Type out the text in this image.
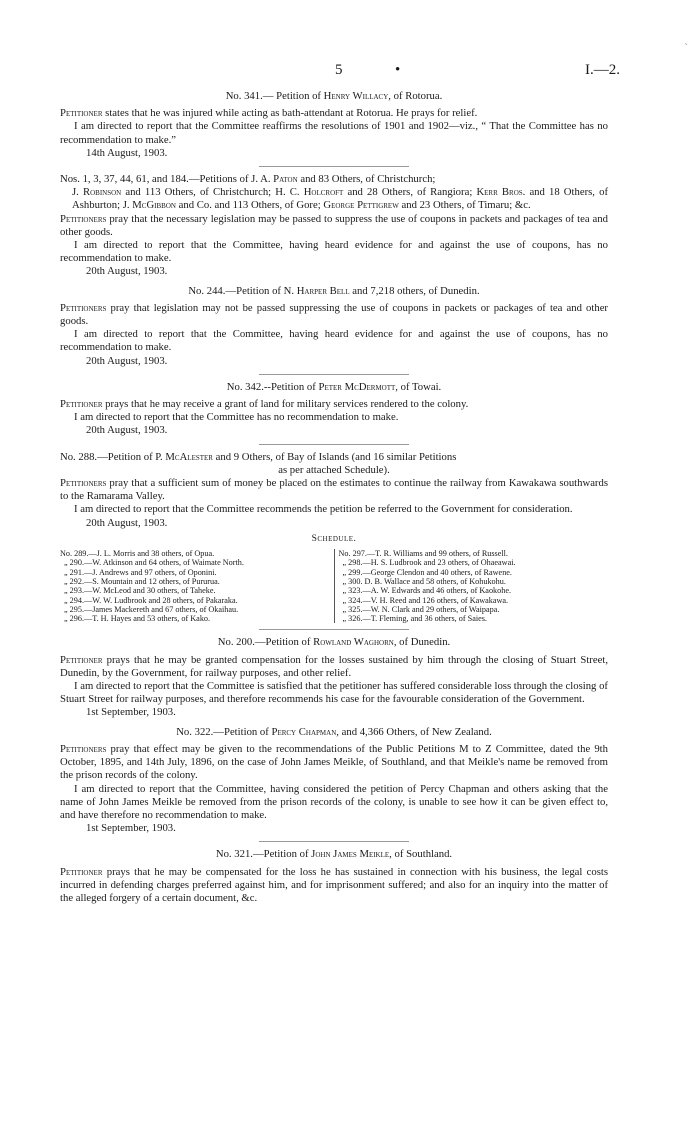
ˋ
5	•	I.—2.
No. 341.— Petition of Henry Willacy, of Rotorua.

Petitioner states that he was injured while acting as bath-attendant at Rotorua. He prays for relief.

I am directed to report that the Committee reaffirms the resolutions of 1901 and 1902—viz., “ That the Committee has no recommendation to make.”

14th August, 1903.

Nos. 1, 3, 37, 44, 61, and 184.—Petitions of J. A. Paton and 83 Others, of Christchurch;

J. Robinson and 113 Others, of Christchurch; H. C. Holcroft and 28 Others, of Rangiora; Kerr Bros. and 18 Others, of Ashburton; J. McGibbon and Co. and 113 Others, of Gore; George Pettigrew and 23 Others, of Timaru; &c.

Petitioners pray that the necessary legislation may be passed to suppress the use of coupons in packets and packages of tea and other goods.

I am directed to report that the Committee, having heard evidence for and against the use of coupons, has no recommendation to make.

20th August, 1903.
No. 244.—Petition of N. Harper Bell and 7,218 others, of Dunedin.

Petitioners pray that legislation may not be passed suppressing the use of coupons in packets or packages of tea and other goods.

I am directed to report that the Committee, having heard evidence for and against the use of coupons, has no recommendation to make.

20th August, 1903.
No. 342.--Petition of Peter McDermott, of Towai.

Petitioner prays that he may receive a grant of land for military services rendered to the colony.

I am directed to report that the Committee has no recommendation to make.

20th August, 1903.

No. 288.—Petition of P. McAlester and 9 Others, of Bay of Islands (and 16 similar Petitions

as per attached Schedule).

Petitioners pray that a sufficient sum of money be placed on the estimates to continue the railway from Kawakawa southwards to the Ramarama Valley.

I am directed to report that the Committee recommends the petition be referred to the Government for consideration.

20th August, 1903.
Schedule.
No. 289.—J. L. Morris and 38 others, of Opua.
„ 290.—W. Atkinson and 64 others, of Waimate North.
„ 291.—J. Andrews and 97 others, of Oponini.
„ 292.—S. Mountain and 12 others, of Pururua.
„ 293.—W. McLeod and 30 others, of Taheke.
„ 294.—W. W. Ludbrook and 28 others, of Pakaraka.
„ 295.—James Mackereth and 67 others, of Okaihau.
„ 296.—T. H. Hayes and 53 others, of Kako.
No. 297.—T. R. Williams and 99 others, of Russell.
„ 298.—H. S. Ludbrook and 23 others, of Ohaeawai.
„ 299.—George Clendon and 40 others, of Rawene.
„ 300. D. B. Wallace and 58 others, of Kohukohu.
„ 323.—A. W. Edwards and 46 others, of Kaokohe.
„ 324.—V. H. Reed and 126 others, of Kawakawa.
„ 325.—W. N. Clark and 29 others, of Waipapa.
„ 326.—T. Fleming, and 36 others, of Saies.
No. 200.—Petition of Rowland Waghorn, of Dunedin.

Petitioner prays that he may be granted compensation for the losses sustained by him through the closing of Stuart Street, Dunedin, by the Government, for railway purposes, and other relief.

I am directed to report that the Committee is satisfied that the petitioner has suffered considerable loss through the closing of Stuart Street for railway purposes, and therefore recommends his case for the favourable consideration of the Government.

1st September, 1903.
No. 322.—Petition of Percy Chapman, and 4,366 Others, of New Zealand.

Petitioners pray that effect may be given to the recommendations of the Public Petitions M to Z Committee, dated the 9th October, 1895, and 14th July, 1896, on the case of John James Meikle, of Southland, and that Meikle's name be removed from the prison records of the colony.

I am directed to report that the Committee, having considered the petition of Percy Chapman and others asking that the name of John James Meikle be removed from the prison records of the colony, is unable to see how it can be given effect to, and have therefore no recommendation to make.

1st September, 1903.
No. 321.—Petition of John James Meikle, of Southland.

Petitioner prays that he may be compensated for the loss he has sustained in connection with his business, the legal costs incurred in defending charges preferred against him, and for imprisonment suffered; and also for an inquiry into the matter of the alleged forgery of a certain document, &c.
